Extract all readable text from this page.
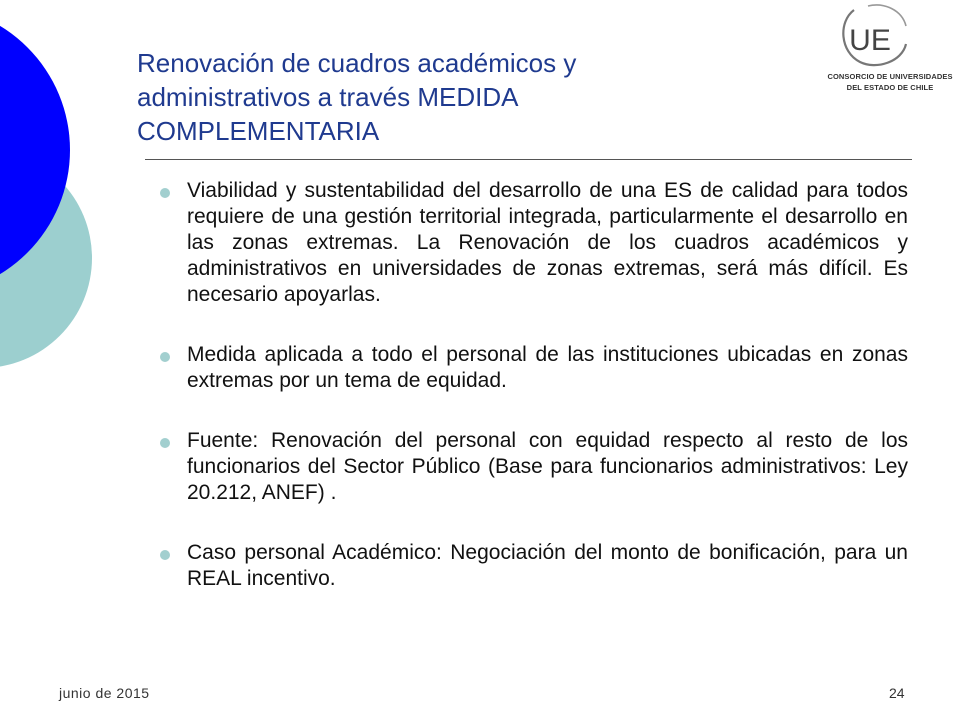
UE
CONSORCIO DE UNIVERSIDADES
DEL ESTADO DE CHILE
Renovación de cuadros académicos y
administrativos a través MEDIDA
COMPLEMENTARIA
Viabilidad y sustentabilidad del desarrollo de una ES de calidad para todos requiere de una gestión territorial integrada, particularmente el desarrollo en las zonas extremas. La Renovación de los cuadros académicos y administrativos en universidades de zonas extremas, será más difícil. Es necesario apoyarlas.
Medida aplicada a todo el personal de las instituciones ubicadas en zonas extremas por un tema de equidad.
Fuente: Renovación del personal con equidad respecto al resto de los funcionarios del Sector Público (Base para funcionarios administrativos: Ley 20.212, ANEF) .
Caso personal Académico: Negociación del monto de bonificación, para un REAL incentivo.
junio de 2015	24
